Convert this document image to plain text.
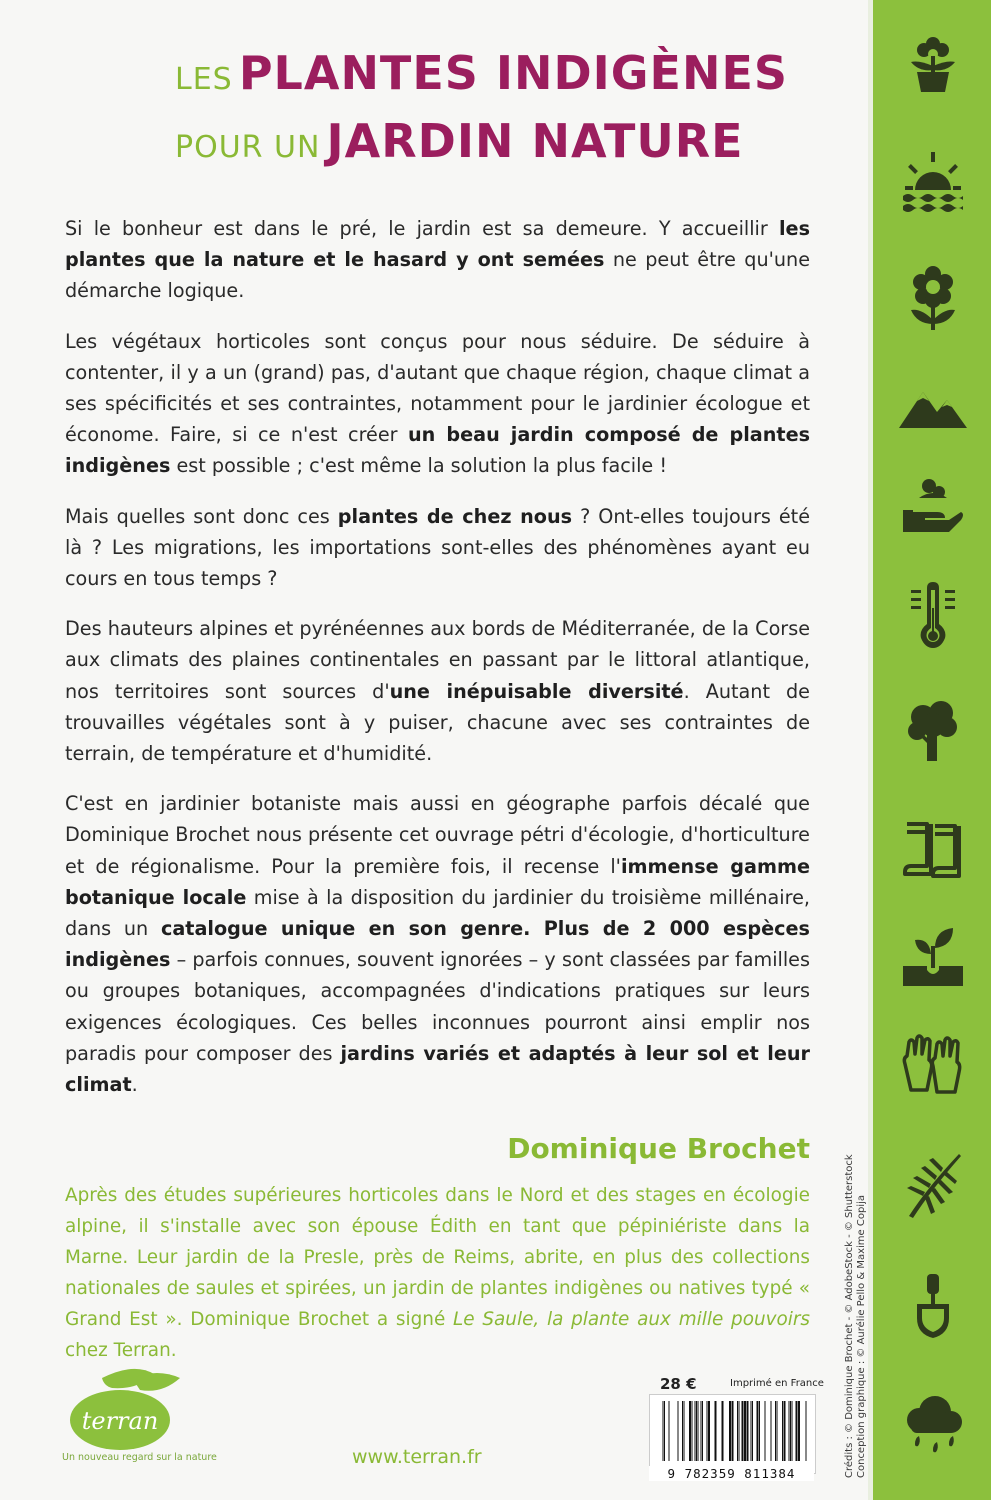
LES PLANTES INDIGÈNES
POUR UN JARDIN NATURE

Si le bonheur est dans le pré, le jardin est sa demeure. Y accueillir les plantes que la nature et le hasard y ont semées ne peut être qu'une démarche logique.

Les végétaux horticoles sont conçus pour nous séduire. De séduire à contenter, il y a un (grand) pas, d'autant que chaque région, chaque climat a ses spécificités et ses contraintes, notamment pour le jardinier écologue et économe. Faire, si ce n'est créer un beau jardin composé de plantes indigènes est possible ; c'est même la solution la plus facile !

Mais quelles sont donc ces plantes de chez nous ? Ont-elles toujours été là ? Les migrations, les importations sont-elles des phénomènes ayant eu cours en tous temps ?

Des hauteurs alpines et pyrénéennes aux bords de Méditerranée, de la Corse aux climats des plaines continentales en passant par le littoral atlantique, nos territoires sont sources d'une inépuisable diversité. Autant de trouvailles végétales sont à y puiser, chacune avec ses contraintes de terrain, de température et d'humidité.

C'est en jardinier botaniste mais aussi en géographe parfois décalé que Dominique Brochet nous présente cet ouvrage pétri d'écologie, d'horticulture et de régionalisme. Pour la première fois, il recense l'immense gamme botanique locale mise à la disposition du jardinier du troisième millénaire, dans un catalogue unique en son genre. Plus de 2 000 espèces indigènes – parfois connues, souvent ignorées – y sont classées par familles ou groupes botaniques, accompagnées d'indications pratiques sur leurs exigences écologiques. Ces belles inconnues pourront ainsi emplir nos paradis pour composer des jardins variés et adaptés à leur sol et leur climat.

Dominique Brochet
Après des études supérieures horticoles dans le Nord et des stages en écologie alpine, il s'installe avec son épouse Édith en tant que pépiniériste dans la Marne. Leur jardin de la Presle, près de Reims, abrite, en plus des collections nationales de saules et spirées, un jardin de plantes indigènes ou natives typé « Grand Est ». Dominique Brochet a signé Le Saule, la plante aux mille pouvoirs chez Terran.	Crédits : © Dominique Brochet - © AdobeStock - © Shutterstock Conception graphique : © Aurélie Pello & Maxime Copija
terran
Un nouveau regard sur la nature	www.terran.fr
28 €	Imprimé en France
9 782359 811384
